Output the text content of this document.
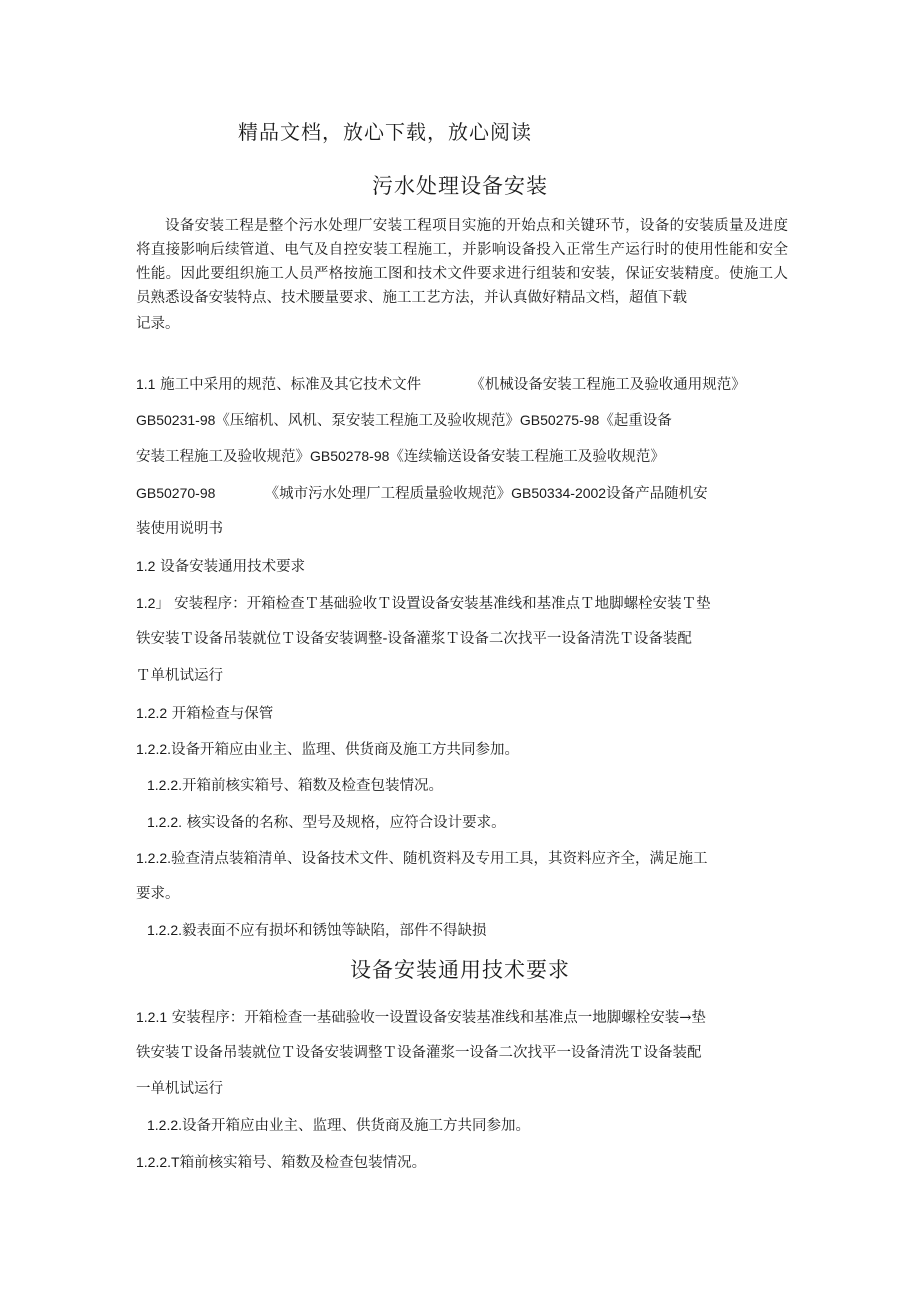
精品文档，放心下载，放心阅读
污水处理设备安装

设备安装工程是整个污水处理厂安装工程项目实施的开始点和关键环节，设备的安装质量及进度将直接影响后续管道、电气及自控安装工程施工，并影响设备投入正常生产运行时的使用性能和安全性能。因此要组织施工人员严格按施工图和技术文件要求进行组装和安装，保证安装精度。使施工人员熟悉设备安装特点、技术腰量要求、施工工艺方法，并认真做好精品文档，超值下载

记录。

1.1 施工中采用的规范、标准及其它技术文件	《机械设备安装工程施工及验收通用规范》
GB50231-98《压缩机、风机、泵安装工程施工及验收规范》GB50275-98《起重设备
安装工程施工及验收规范》GB50278-98《连续输送设备安装工程施工及验收规范》
GB50270-98	《城市污水处理厂工程质量验收规范》GB50334-2002设备产品随机安
装使用说明书
1.2 设备安装通用技术要求
1.2」 安装程序：开箱检查Ｔ基础验收Ｔ设置设备安装基准线和基准点Ｔ地脚螺栓安装Ｔ垫
铁安装Ｔ设备吊装就位Ｔ设备安装调整-设备灌浆Ｔ设备二次找平一设备清洗Ｔ设备装配
Ｔ单机试运行
1.2.2 开箱检查与保管
1.2.2.设备开箱应由业主、监理、供货商及施工方共同参加。
1.2.2.开箱前核实箱号、箱数及检查包装情况。
1.2.2. 核实设备的名称、型号及规格，应符合设计要求。
1.2.2.验查清点装箱清单、设备技术文件、随机资料及专用工具，其资料应齐全，满足施工
要求。
1.2.2.毅表面不应有损坏和锈蚀等缺陷，部件不得缺损
设备安装通用技术要求
1.2.1 安装程序：开箱检查一基础验收一设置设备安装基准线和基准点一地脚螺栓安装→垫
铁安装Ｔ设备吊装就位Ｔ设备安装调整Ｔ设备灌浆一设备二次找平一设备清洗Ｔ设备装配
一单机试运行
1.2.2.设备开箱应由业主、监理、供货商及施工方共同参加。
1.2.2.T箱前核实箱号、箱数及检查包装情况。
